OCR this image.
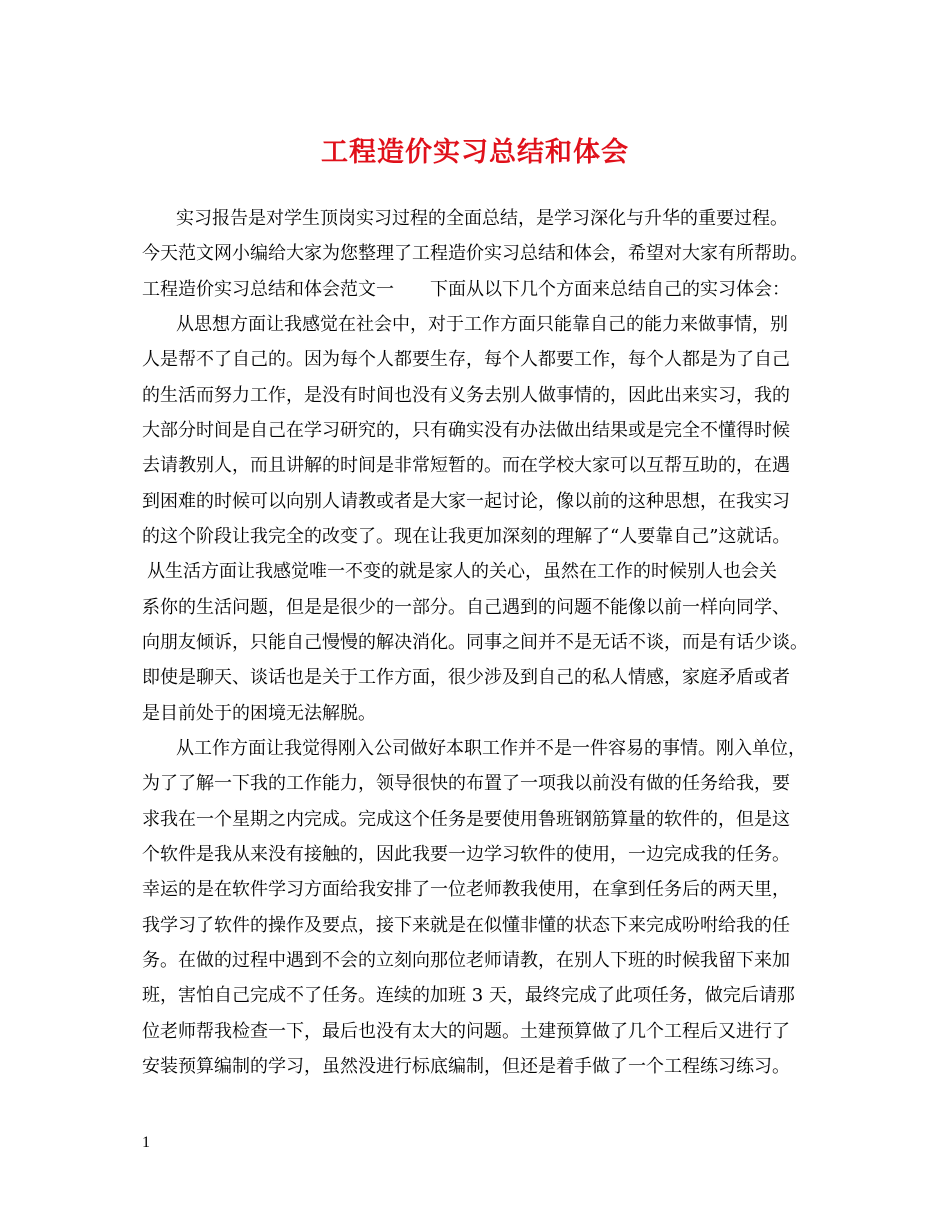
工程造价实习总结和体会
实习报告是对学生顶岗实习过程的全面总结，是学习深化与升华的重要过程。
今天范文网小编给大家为您整理了工程造价实习总结和体会，希望对大家有所帮助。
工程造价实习总结和体会范文一　　下面从以下几个方面来总结自己的实习体会：
从思想方面让我感觉在社会中，对于工作方面只能靠自己的能力来做事情，别
人是帮不了自己的。因为每个人都要生存，每个人都要工作，每个人都是为了自己
的生活而努力工作，是没有时间也没有义务去别人做事情的，因此出来实习，我的
大部分时间是自己在学习研究的，只有确实没有办法做出结果或是完全不懂得时候
去请教别人，而且讲解的时间是非常短暂的。而在学校大家可以互帮互助的，在遇
到困难的时候可以向别人请教或者是大家一起讨论，像以前的这种思想，在我实习
的这个阶段让我完全的改变了。现在让我更加深刻的理解了“人要靠自己”这就话。
从生活方面让我感觉唯一不变的就是家人的关心，虽然在工作的时候别人也会关
系你的生活问题，但是是很少的一部分。自己遇到的问题不能像以前一样向同学、
向朋友倾诉，只能自己慢慢的解决消化。同事之间并不是无话不谈，而是有话少谈。
即使是聊天、谈话也是关于工作方面，很少涉及到自己的私人情感，家庭矛盾或者
是目前处于的困境无法解脱。
从工作方面让我觉得刚入公司做好本职工作并不是一件容易的事情。刚入单位，
为了了解一下我的工作能力，领导很快的布置了一项我以前没有做的任务给我，要
求我在一个星期之内完成。完成这个任务是要使用鲁班钢筋算量的软件的，但是这
个软件是我从来没有接触的，因此我要一边学习软件的使用，一边完成我的任务。
幸运的是在软件学习方面给我安排了一位老师教我使用，在拿到任务后的两天里，
我学习了软件的操作及要点，接下来就是在似懂非懂的状态下来完成吩咐给我的任
务。在做的过程中遇到不会的立刻向那位老师请教，在别人下班的时候我留下来加
班，害怕自己完成不了任务。连续的加班 3 天，最终完成了此项任务，做完后请那
位老师帮我检查一下，最后也没有太大的问题。土建预算做了几个工程后又进行了
安装预算编制的学习，虽然没进行标底编制，但还是着手做了一个工程练习练习。
1
